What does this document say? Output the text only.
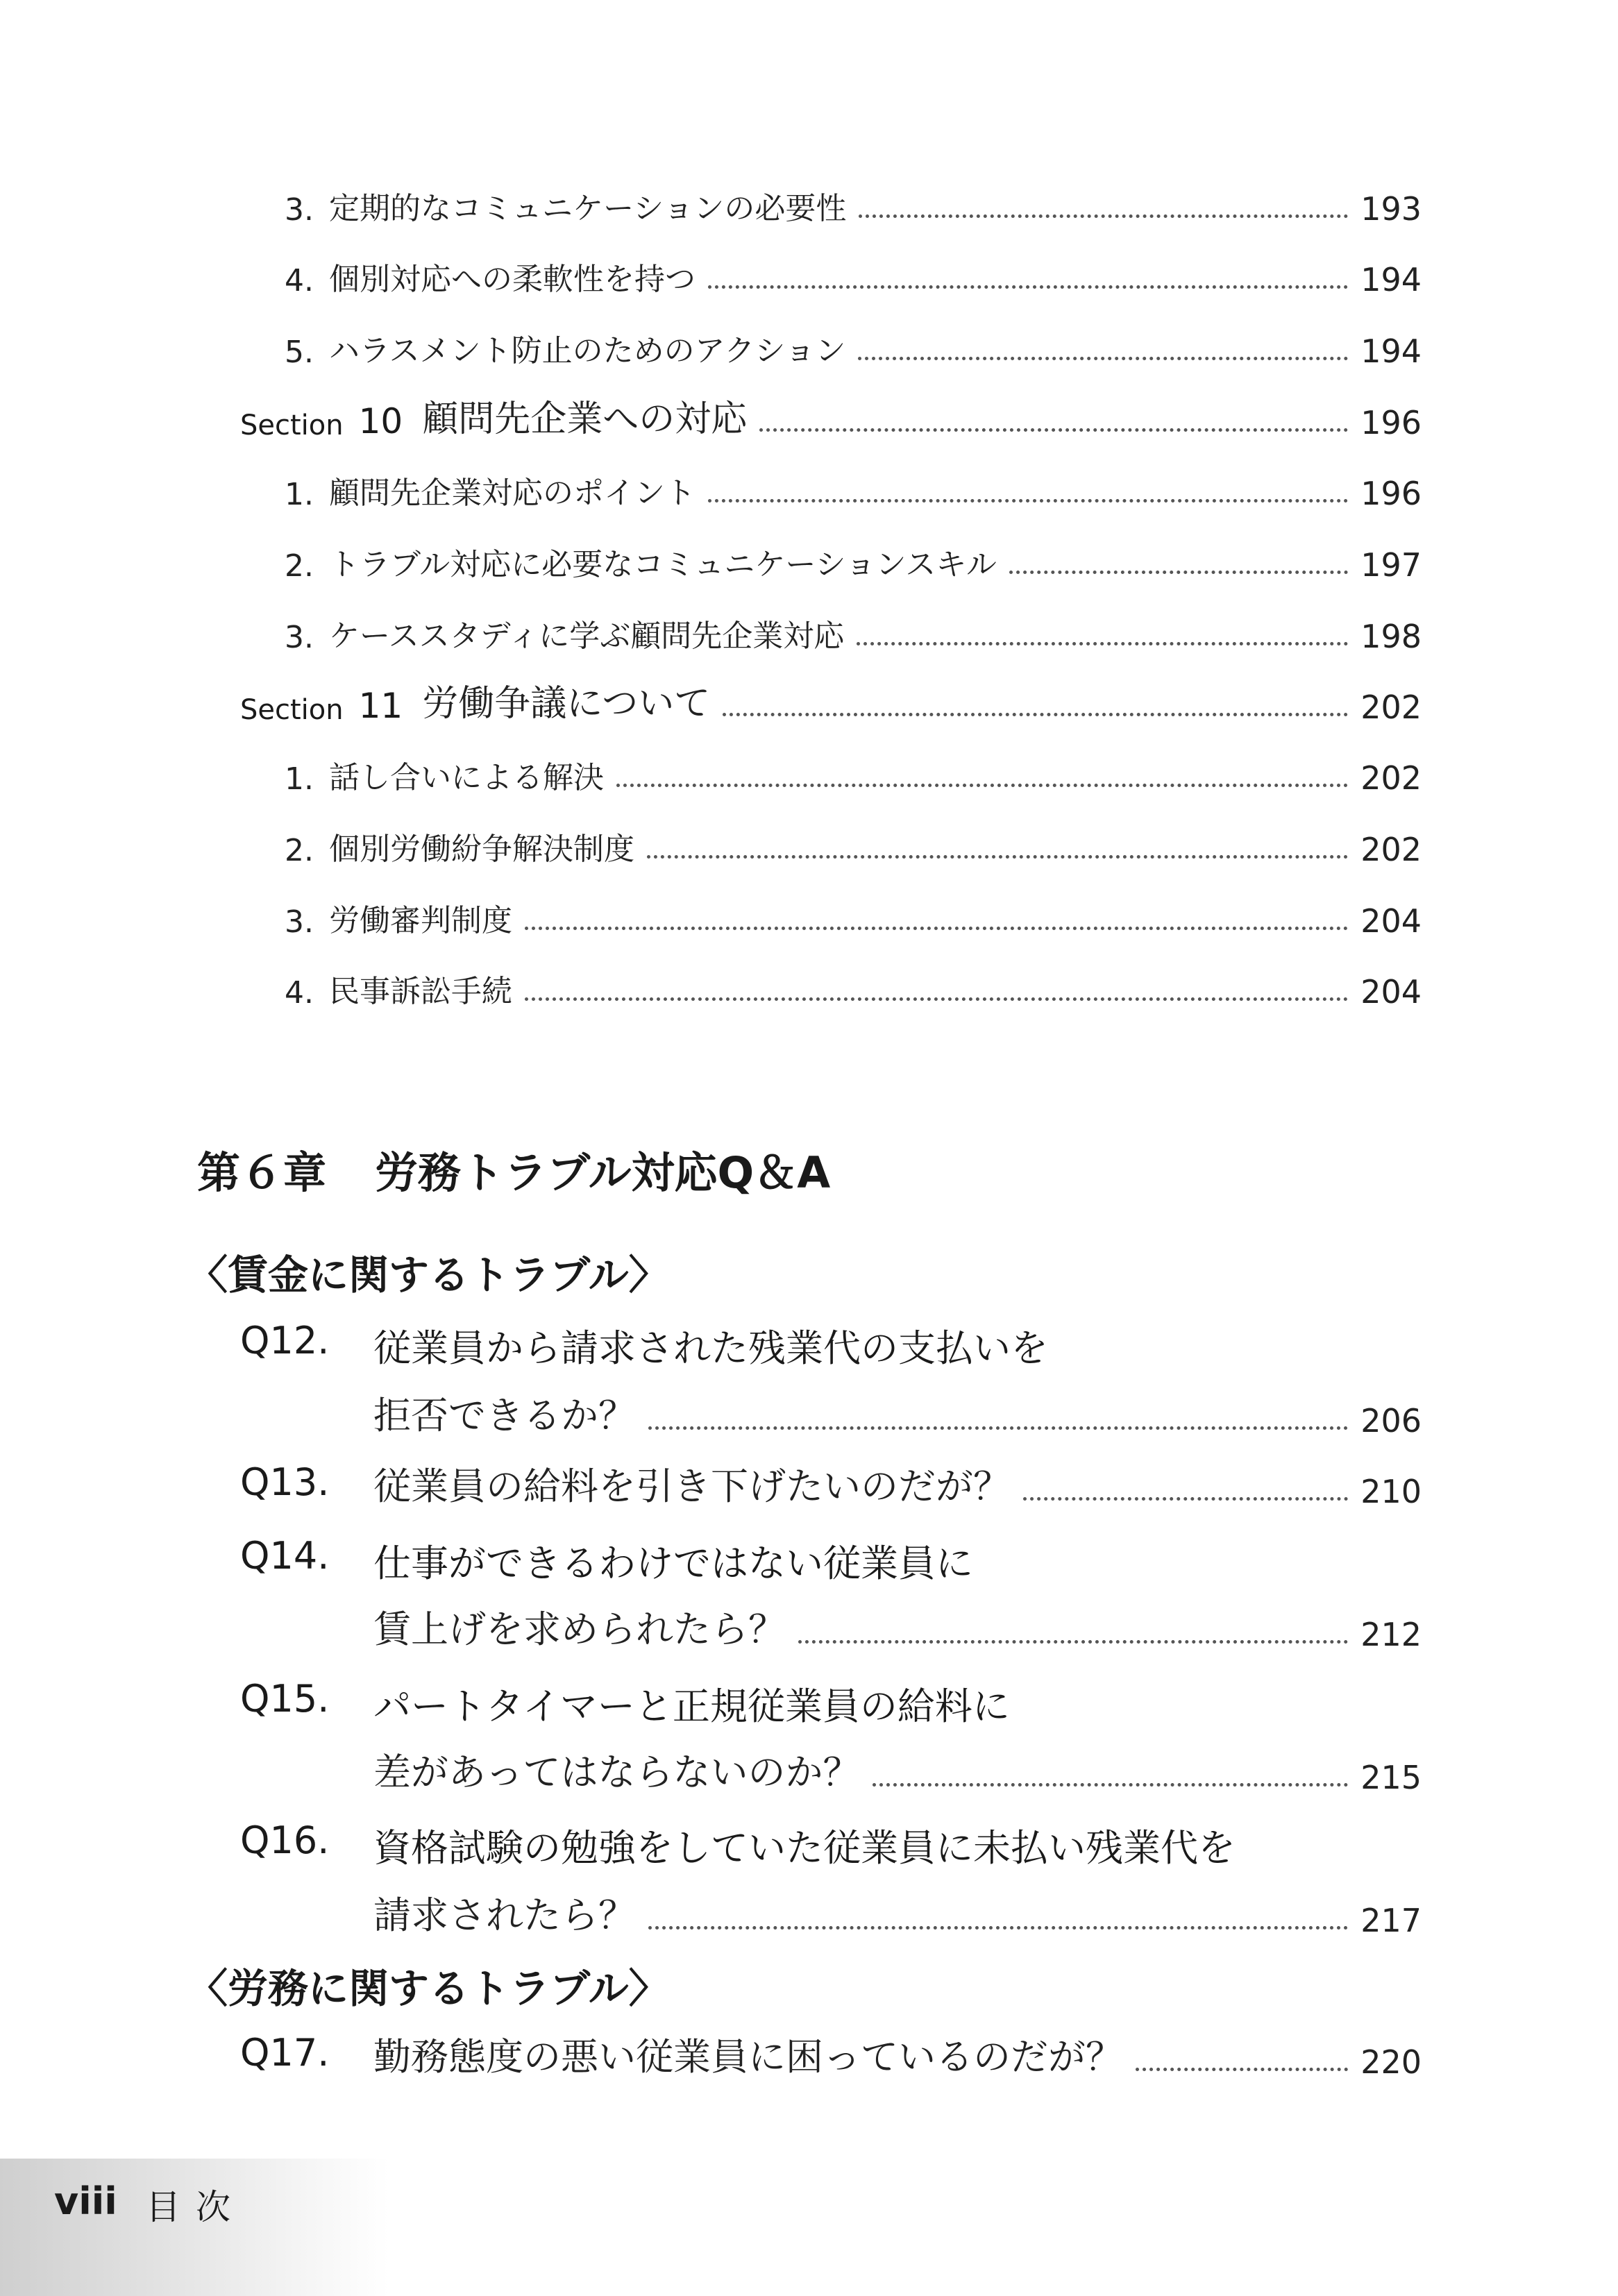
3. 定期的なコミュニケーションの必要性	193
4. 個別対応への柔軟性を持つ	194
5. ハラスメント防止のためのアクション	194
Section 10 顧問先企業への対応	196
1. 顧問先企業対応のポイント	196
2. トラブル対応に必要なコミュニケーションスキル	197
3. ケーススタディに学ぶ顧問先企業対応	198
Section 11 労働争議について	202
1. 話し合いによる解決	202
2. 個別労働紛争解決制度	202
3. 労働審判制度	204
4. 民事訴訟手続	204
第６章 労務トラブル対応Q＆A
〈賃金に関するトラブル〉
Q12. 従業員から請求された残業代の支払いを
拒否できるか？	206
Q13. 従業員の給料を引き下げたいのだが？	210
Q14. 仕事ができるわけではない従業員に
賃上げを求められたら？	212
Q15. パートタイマーと正規従業員の給料に
差があってはならないのか？	215
Q16. 資格試験の勉強をしていた従業員に未払い残業代を
請求されたら？	217
〈労務に関するトラブル〉
Q17. 勤務態度の悪い従業員に困っているのだが？	220
viii 目次
